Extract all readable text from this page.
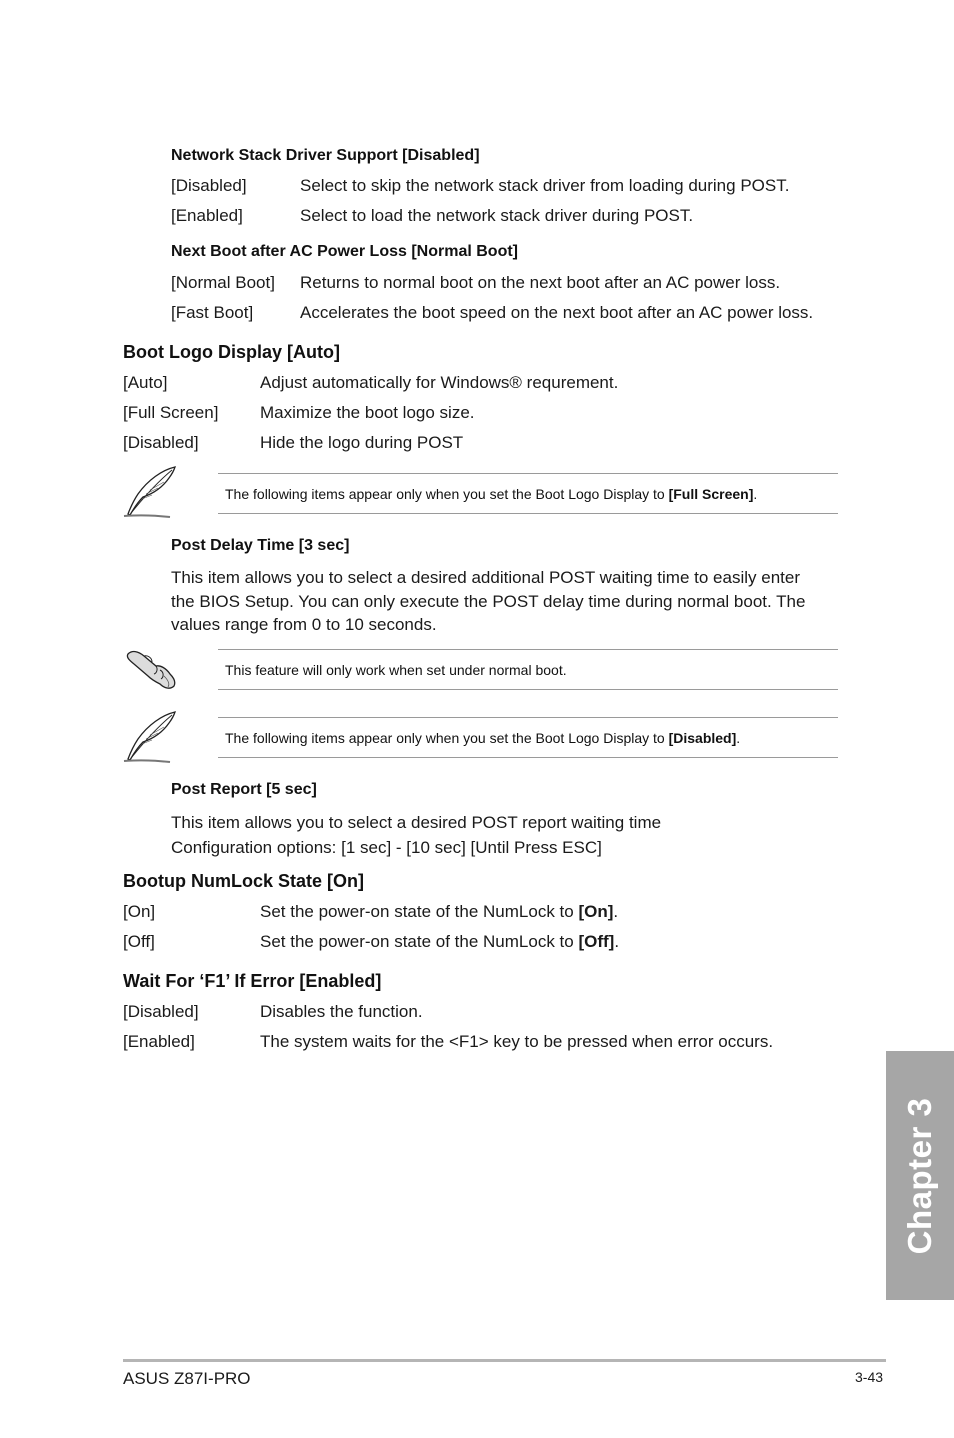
Network Stack Driver Support [Disabled]
[Disabled]	Select to skip the network stack driver from loading during POST.
[Enabled]	Select to load the network stack driver during POST.
Next Boot after AC Power Loss [Normal Boot]
[Normal Boot] Returns to normal boot on the next boot after an AC power loss.
[Fast Boot]	Accelerates the boot speed on the next boot after an AC power loss.
Boot Logo Display [Auto]
[Auto]	Adjust automatically for Windows® requrement.
[Full Screen] Maximize the boot logo size.
[Disabled]	Hide the logo during POST
The following items appear only when you set the Boot Logo Display to [Full Screen].
Post Delay Time [3 sec]
This item allows you to select a desired additional POST waiting time to easily enter
the BIOS Setup. You can only execute the POST delay time during normal boot. The
values range from 0 to 10 seconds.
This feature will only work when set under normal boot.
The following items appear only when you set the Boot Logo Display to [Disabled].
Post Report [5 sec]
This item allows you to select a desired POST report waiting time
Configuration options: [1 sec] - [10 sec] [Until Press ESC]
Bootup NumLock State [On]
[On]	Set the power-on state of the NumLock to [On].
[Off]	Set the power-on state of the NumLock to [Off].
Wait For ‘F1’ If Error [Enabled]
[Disabled]	Disables the function.
[Enabled]	The system waits for the <F1> key to be pressed when error occurs.
Chapter 3
ASUS Z87I-PRO	3-43
